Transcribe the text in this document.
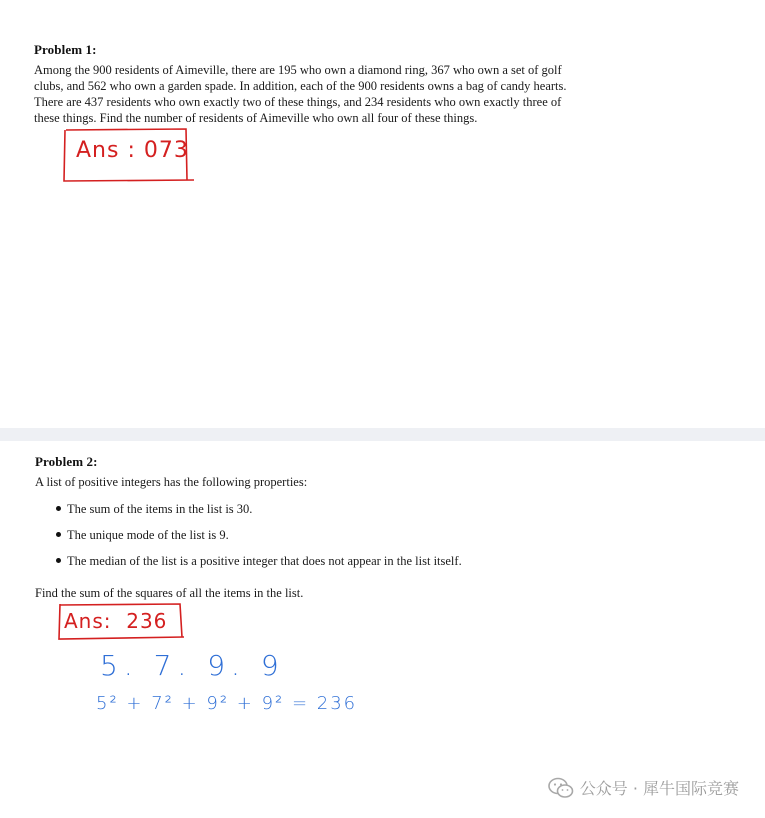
Problem 1:
Among the 900 residents of Aimeville, there are 195 who own a diamond ring, 367 who own a set of golf
clubs, and 562 who own a garden spade. In addition, each of the 900 residents owns a bag of candy hearts.
There are 437 residents who own exactly two of these things, and 234 residents who own exactly three of
these things. Find the number of residents of Aimeville who own all four of these things.
Ans : 073
Problem 2:
A list of positive integers has the following properties:
The sum of the items in the list is 30.
The unique mode of the list is 9.
The median of the list is a positive integer that does not appear in the list itself.
Find the sum of the squares of all the items in the list.
Ans:  236
5. 7. 9. 9
5² + 7² + 9² + 9² = 236
公众号 · 犀牛国际竞赛
